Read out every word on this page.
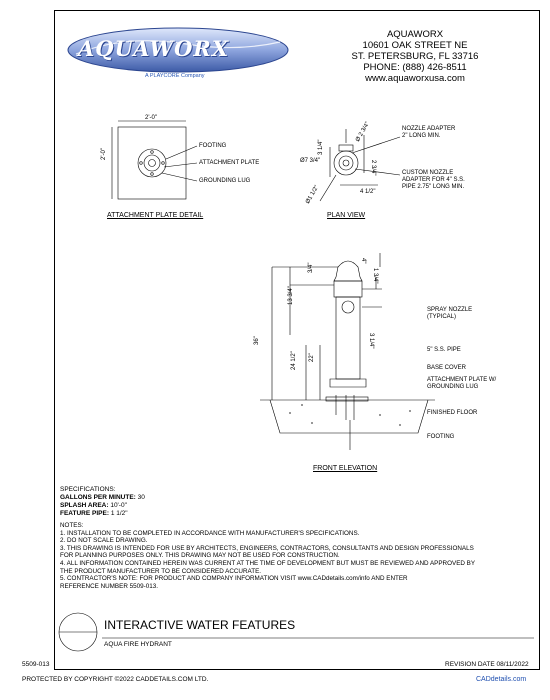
AQUAWORX
A PLAYCORE Company
AQUAWORX
10601 OAK STREET NE
ST. PETERSBURG, FL 33716
PHONE: (888) 426-8511
www.aquaworxusa.com
2'-0"
2'-0"
FOOTING
ATTACHMENT PLATE
GROUNDING LUG
ATTACHMENT PLATE DETAIL
3 1/4"
Ø 2 3/4"
2 3/4"
Ø7 3/4"
Ø1 1/2"	4 1/2"
NOZZLE ADAPTER
2" LONG MIN.
CUSTOM NOZZLE
ADAPTER FOR 4" S.S.
PIPE 2.75" LONG MIN.
PLAN VIEW
36"
24 1/2" 22"
13 3/4"
3/4"
4"
1 3/4"
3 1/4"
SPRAY NOZZLE
(TYPICAL)
5" S.S. PIPE
BASE COVER
ATTACHMENT PLATE W/
GROUNDING LUG
FINISHED FLOOR
FOOTING
FRONT ELEVATION
SPECIFICATIONS:
GALLONS PER MINUTE: 30
SPLASH AREA: 10'-0"
FEATURE PIPE: 1 1/2"
NOTES:
1. INSTALLATION TO BE COMPLETED IN ACCORDANCE WITH MANUFACTURER'S SPECIFICATIONS.
2. DO NOT SCALE DRAWING.
3. THIS DRAWING IS INTENDED FOR USE BY ARCHITECTS, ENGINEERS, CONTRACTORS, CONSULTANTS AND DESIGN PROFESSIONALS
FOR PLANNING PURPOSES ONLY. THIS DRAWING MAY NOT BE USED FOR CONSTRUCTION.
4. ALL INFORMATION CONTAINED HEREIN WAS CURRENT AT THE TIME OF DEVELOPMENT BUT MUST BE REVIEWED AND APPROVED BY
THE PRODUCT MANUFACTURER TO BE CONSIDERED ACCURATE.
5. CONTRACTOR'S NOTE: FOR PRODUCT AND COMPANY INFORMATION VISIT www.CADdetails.com/info AND ENTER
REFERENCE NUMBER 5509-013.
INTERACTIVE WATER FEATURES
AQUA FIRE HYDRANT
5509-013	REVISION DATE 08/11/2022
PROTECTED BY COPYRIGHT ©2022 CADDETAILS.COM LTD.	CADdetails.com
